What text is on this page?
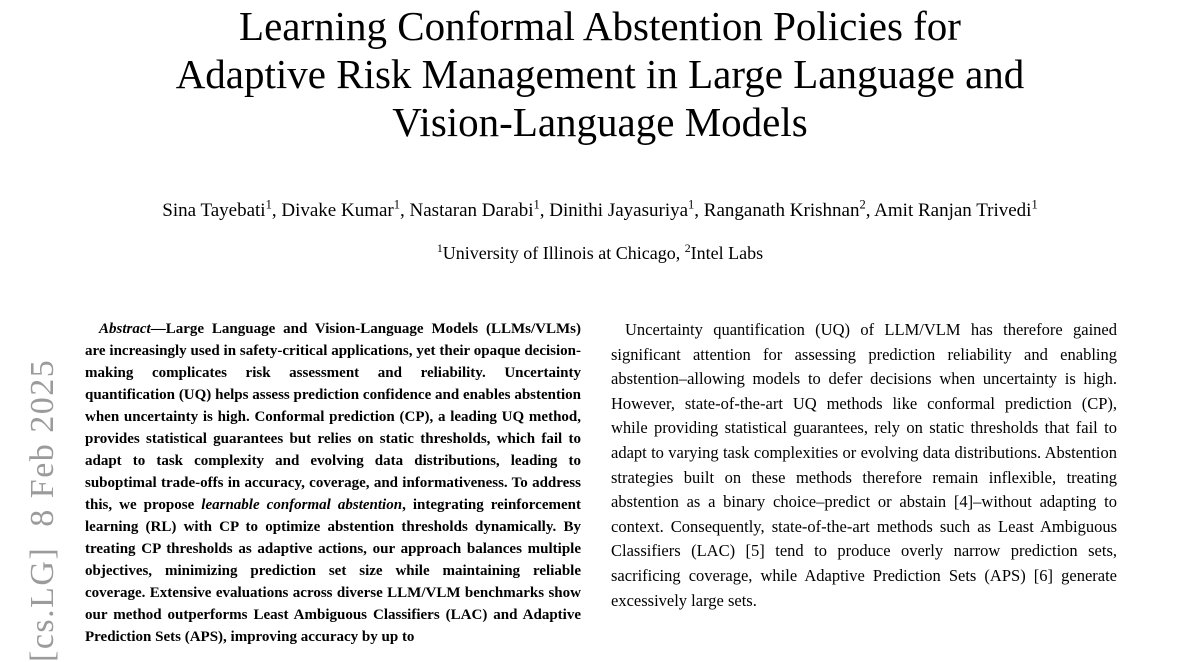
[cs.LG]  8 Feb 2025
Learning Conformal Abstention Policies for
Adaptive Risk Management in Large Language and
Vision-Language Models
Sina Tayebati$^1$, Divake Kumar$^1$, Nastaran Darabi$^1$, Dinithi Jayasuriya$^1$, Ranganath Krishnan$^2$, Amit Ranjan Trivedi$^1$
$^1$University of Illinois at Chicago, $^2$Intel Labs

Abstract—Large Language and Vision-Language Models (LLMs/VLMs) are increasingly used in safety-critical applications, yet their opaque decision-making complicates risk assessment and reliability. Uncertainty quantification (UQ) helps assess prediction confidence and enables abstention when uncertainty is high. Conformal prediction (CP), a leading UQ method, provides statistical guarantees but relies on static thresholds, which fail to adapt to task complexity and evolving data distributions, leading to suboptimal trade-offs in accuracy, coverage, and informativeness. To address this, we propose learnable conformal abstention, integrating reinforcement learning (RL) with CP to optimize abstention thresholds dynamically. By treating CP thresholds as adaptive actions, our approach balances multiple objectives, minimizing prediction set size while maintaining reliable coverage. Extensive evaluations across diverse LLM/VLM benchmarks show our method outperforms Least Ambiguous Classifiers (LAC) and Adaptive Prediction Sets (APS), improving accuracy by up to

Uncertainty quantification (UQ) of LLM/VLM has therefore gained significant attention for assessing prediction reliability and enabling abstention–allowing models to defer decisions when uncertainty is high. However, state-of-the-art UQ methods like conformal prediction (CP), while providing statistical guarantees, rely on static thresholds that fail to adapt to varying task complexities or evolving data distributions. Abstention strategies built on these methods therefore remain inflexible, treating abstention as a binary choice–predict or abstain [4]–without adapting to context. Consequently, state-of-the-art methods such as Least Ambiguous Classifiers (LAC) [5] tend to produce overly narrow prediction sets, sacrificing coverage, while Adaptive Prediction Sets (APS) [6] generate excessively large sets.
